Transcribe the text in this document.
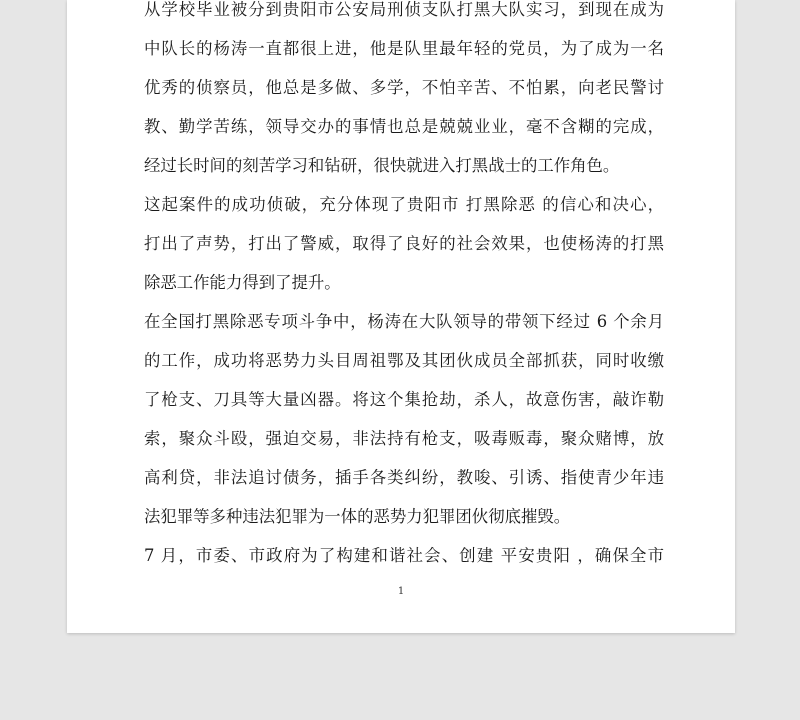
从学校毕业被分到贵阳市公安局刑侦支队打黑大队实习，到现在成为
中队长的杨涛一直都很上进，他是队里最年轻的党员，为了成为一名
优秀的侦察员，他总是多做、多学，不怕辛苦、不怕累，向老民警讨
教、勤学苦练，领导交办的事情也总是兢兢业业，毫不含糊的完成，
经过长时间的刻苦学习和钻研，很快就进入打黑战士的工作角色。
这起案件的成功侦破，充分体现了贵阳市 打黑除恶 的信心和决心，
打出了声势，打出了警威，取得了良好的社会效果，也使杨涛的打黑
除恶工作能力得到了提升。
在全国打黑除恶专项斗争中，杨涛在大队领导的带领下经过 6 个余月
的工作，成功将恶势力头目周祖鄂及其团伙成员全部抓获，同时收缴
了枪支、刀具等大量凶器。将这个集抢劫，杀人，故意伤害，敲诈勒
索，聚众斗殴，强迫交易，非法持有枪支，吸毒贩毒，聚众赌博，放
高利贷，非法追讨债务，插手各类纠纷，教唆、引诱、指使青少年违
法犯罪等多种违法犯罪为一体的恶势力犯罪团伙彻底摧毁。
7 月，市委、市政府为了构建和谐社会、创建 平安贵阳 ，确保全市
1
